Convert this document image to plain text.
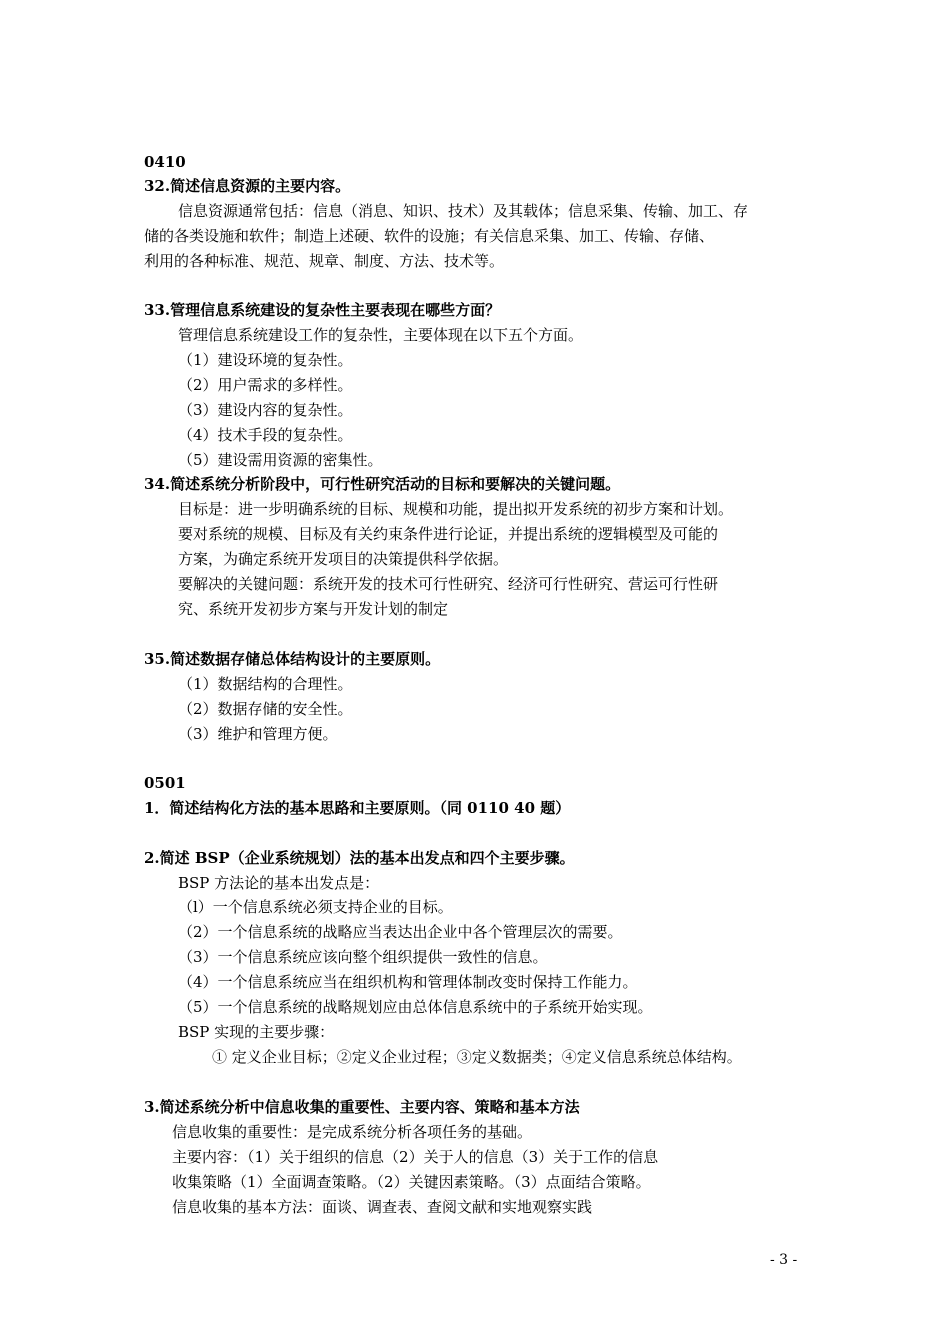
0410
32.简述信息资源的主要内容。
信息资源通常包括：信息（消息、知识、技术）及其载体；信息采集、传输、加工、存
储的各类设施和软件；制造上述硬、软件的设施；有关信息采集、加工、传输、存储、
利用的各种标准、规范、规章、制度、方法、技术等。
33.管理信息系统建设的复杂性主要表现在哪些方面？
管理信息系统建设工作的复杂性，主要体现在以下五个方面。
（1）建设环境的复杂性。
（2）用户需求的多样性。
（3）建设内容的复杂性。
（4）技术手段的复杂性。
（5）建设需用资源的密集性。
34.简述系统分析阶段中，可行性研究活动的目标和要解决的关键问题。
目标是：进一步明确系统的目标、规模和功能，提出拟开发系统的初步方案和计划。
要对系统的规模、目标及有关约束条件进行论证，并提出系统的逻辑模型及可能的
方案，为确定系统开发项目的决策提供科学依据。
要解决的关键问题：系统开发的技术可行性研究、经济可行性研究、营运可行性研
究、系统开发初步方案与开发计划的制定
35.简述数据存储总体结构设计的主要原则。
（1）数据结构的合理性。
（2）数据存储的安全性。
（3）维护和管理方便。
0501
1．简述结构化方法的基本思路和主要原则。（同 0110 40 题）
2.简述 BSP（企业系统规划）法的基本出发点和四个主要步骤。
BSP 方法论的基本出发点是：
（l）一个信息系统必须支持企业的目标。
（2）一个信息系统的战略应当表达出企业中各个管理层次的需要。
（3）一个信息系统应该向整个组织提供一致性的信息。
（4）一个信息系统应当在组织机构和管理体制改变时保持工作能力。
（5）一个信息系统的战略规划应由总体信息系统中的子系统开始实现。
BSP 实现的主要步骤：
① 定义企业目标；②定义企业过程；③定义数据类；④定义信息系统总体结构。
3.简述系统分析中信息收集的重要性、主要内容、策略和基本方法
信息收集的重要性：是完成系统分析各项任务的基础。
主要内容：（1）关于组织的信息（2）关于人的信息（3）关于工作的信息
收集策略（1）全面调查策略。（2）关键因素策略。（3）点面结合策略。
信息收集的基本方法：面谈、调查表、查阅文献和实地观察实践
- 3 -
